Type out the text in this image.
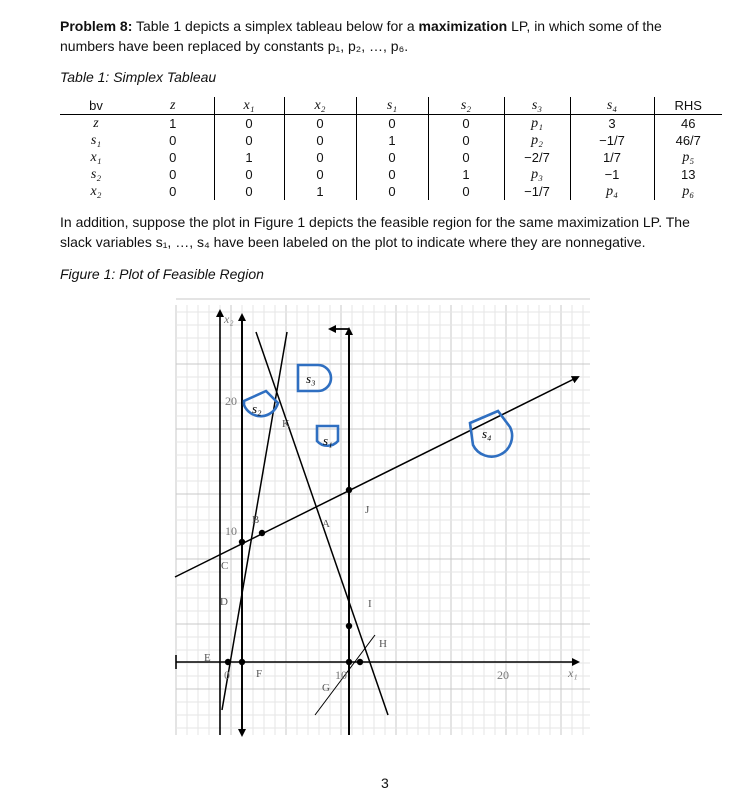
Problem 8: Table 1 depicts a simplex tableau below for a maximization LP, in which some of the
numbers have been replaced by constants p₁, p₂, …, p₆.
Table 1: Simplex Tableau
bv	z	x₁	x₂	s₁	s₂	s₃	s₄	RHS
z	1	0	0	0	0	p₁	3	46
s₁	0	0	0	1	0	p₂	−1/7	46/7
x₁	0	1	0	0	0	−2/7	1/7	p₅
s₂	0	0	0	0	1	p₃	−1	13
x₂	0	0	1	0	0	−1/7	p₄	p₆
In addition, suppose the plot in Figure 1 depicts the feasible region for the same maximization LP. The
slack variables s₁, …, s₄ have been labeled on the plot to indicate where they are nonnegative.
Figure 1: Plot of Feasible Region
x₂
x₁
0	10	20
10
20
s₃
s₂
s₁	s₄
K
B	A
J
C
D	I
H
E
F
G
3
